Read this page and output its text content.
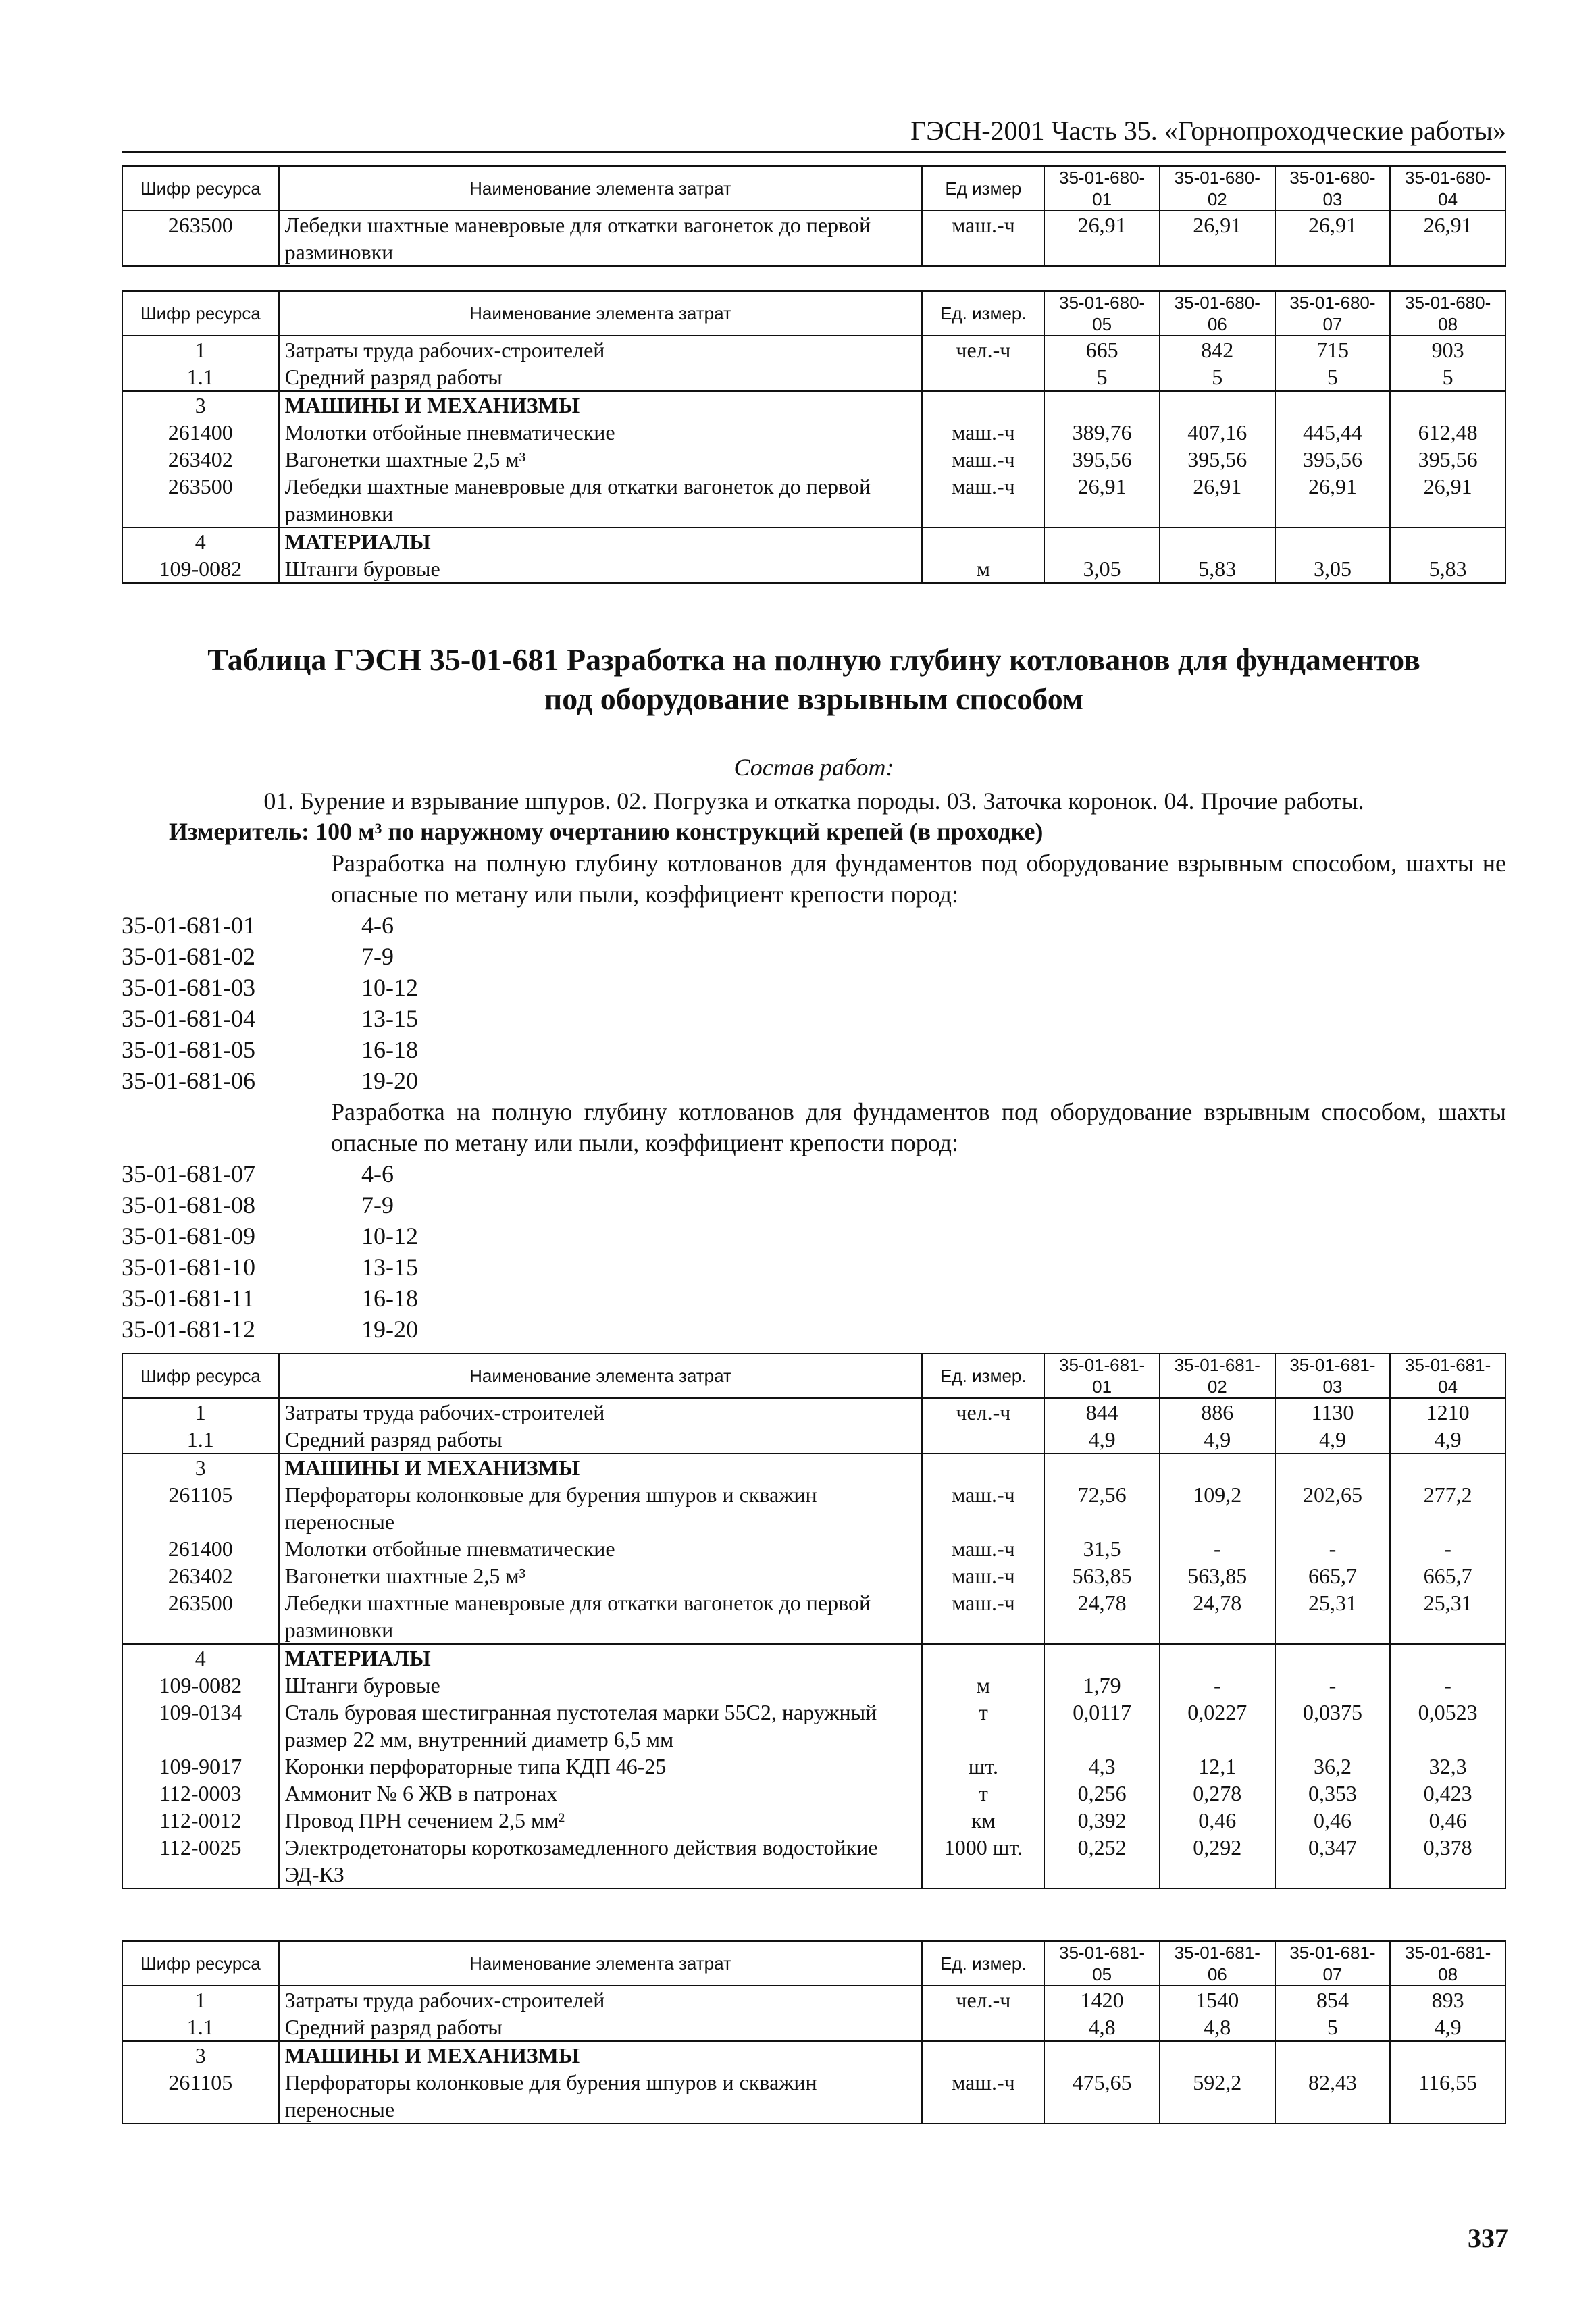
ГЭСН-2001 Часть 35. «Горнопроходческие работы»
Шифр ресурса	Наименование элемента затрат	Ед измер	35-01-680-01	35-01-680-02	35-01-680-03	35-01-680-04
263500	Лебедки шахтные маневровые для откатки вагонеток до первой разминовки	маш.-ч	26,91	26,91	26,91	26,91
Шифр ресурса	Наименование элемента затрат	Ед. измер.	35-01-680-05	35-01-680-06	35-01-680-07	35-01-680-08
1	Затраты труда рабочих-строителей	чел.-ч	665	842	715	903
1.1	Средний разряд работы		5	5	5	5
3	МАШИНЫ И МЕХАНИЗМЫ					
261400	Молотки отбойные пневматические	маш.-ч	389,76	407,16	445,44	612,48
263402	Вагонетки шахтные 2,5 м³	маш.-ч	395,56	395,56	395,56	395,56
263500	Лебедки шахтные маневровые для откатки вагонеток до первой разминовки	маш.-ч	26,91	26,91	26,91	26,91
4	МАТЕРИАЛЫ					
109-0082	Штанги буровые	м	3,05	5,83	3,05	5,83
Таблица ГЭСН 35-01-681 Разработка на полную глубину котлованов для фундаментов
под оборудование взрывным способом
Состав работ:
01. Бурение и взрывание шпуров. 02. Погрузка и откатка породы. 03. Заточка коронок. 04. Прочие работы.
Измеритель: 100 м³ по наружному очертанию конструкций крепей (в проходке)
Разработка на полную глубину котлованов для фундаментов под оборудование взрывным способом, шахты не опасные по метану или пыли, коэффициент крепости пород:
35-01-681-01	4-6
35-01-681-02	7-9
35-01-681-03	10-12
35-01-681-04	13-15
35-01-681-05	16-18
35-01-681-06	19-20
Разработка на полную глубину котлованов для фундаментов под оборудование взрывным способом, шахты опасные по метану или пыли, коэффициент крепости пород:
35-01-681-07	4-6
35-01-681-08	7-9
35-01-681-09	10-12
35-01-681-10	13-15
35-01-681-11	16-18
35-01-681-12	19-20
Шифр ресурса	Наименование элемента затрат	Ед. измер.	35-01-681-01	35-01-681-02	35-01-681-03	35-01-681-04
1	Затраты труда рабочих-строителей	чел.-ч	844	886	1130	1210
1.1	Средний разряд работы		4,9	4,9	4,9	4,9
3	МАШИНЫ И МЕХАНИЗМЫ					
261105	Перфораторы колонковые для бурения шпуров и скважин переносные	маш.-ч	72,56	109,2	202,65	277,2
261400	Молотки отбойные пневматические	маш.-ч	31,5	-	-	-
263402	Вагонетки шахтные 2,5 м³	маш.-ч	563,85	563,85	665,7	665,7
263500	Лебедки шахтные маневровые для откатки вагонеток до первой разминовки	маш.-ч	24,78	24,78	25,31	25,31
4	МАТЕРИАЛЫ					
109-0082	Штанги буровые	м	1,79	-	-	-
109-0134	Сталь буровая шестигранная пустотелая марки 55С2, наружный размер 22 мм, внутренний диаметр 6,5 мм	т	0,0117	0,0227	0,0375	0,0523
109-9017	Коронки перфораторные типа КДП 46-25	шт.	4,3	12,1	36,2	32,3
112-0003	Аммонит № 6 ЖВ в патронах	т	0,256	0,278	0,353	0,423
112-0012	Провод ПРН сечением 2,5 мм²	км	0,392	0,46	0,46	0,46
112-0025	Электродетонаторы короткозамедленного действия водостойкие ЭД-КЗ	1000 шт.	0,252	0,292	0,347	0,378
Шифр ресурса	Наименование элемента затрат	Ед. измер.	35-01-681-05	35-01-681-06	35-01-681-07	35-01-681-08
1	Затраты труда рабочих-строителей	чел.-ч	1420	1540	854	893
1.1	Средний разряд работы		4,8	4,8	5	4,9
3	МАШИНЫ И МЕХАНИЗМЫ					
261105	Перфораторы колонковые для бурения шпуров и скважин переносные	маш.-ч	475,65	592,2	82,43	116,55
337
